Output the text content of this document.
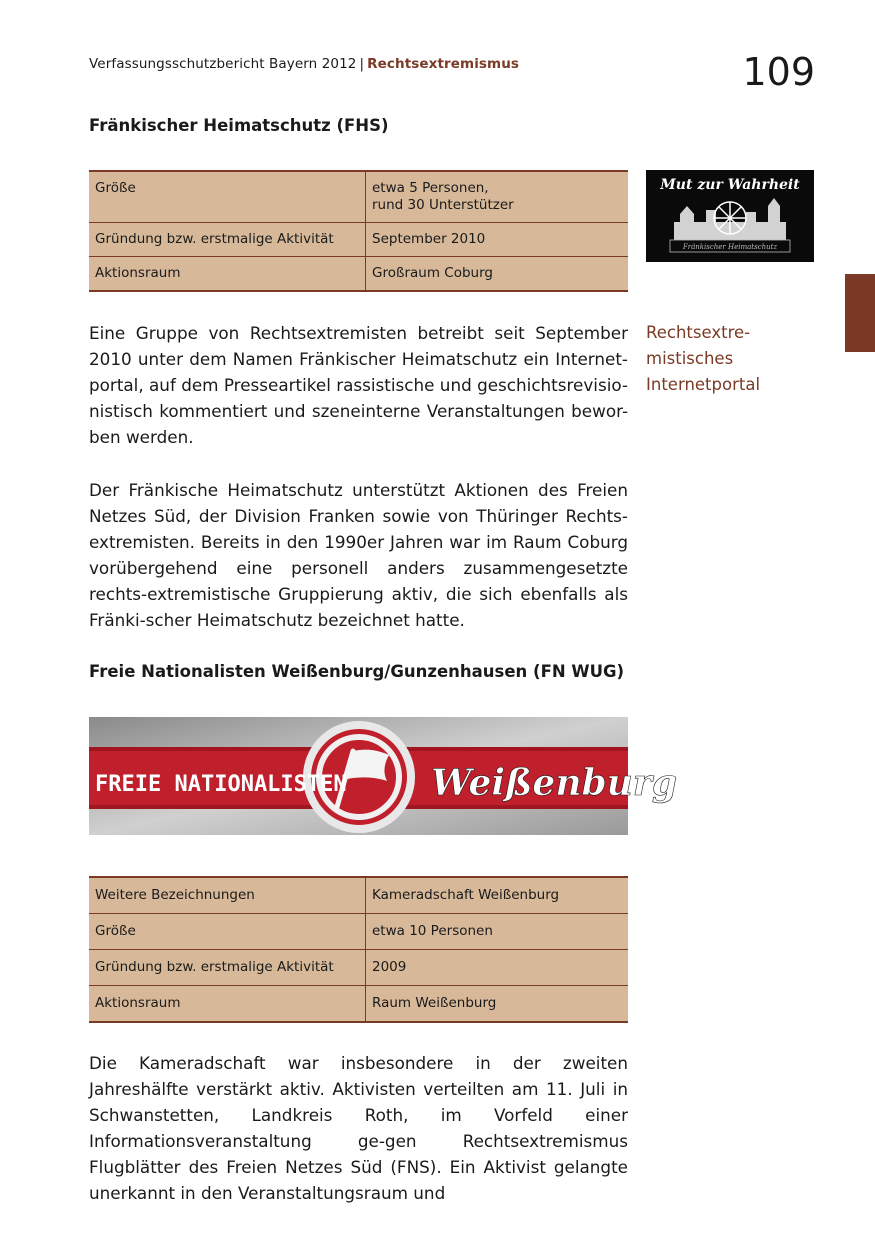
Verfassungsschutzbericht Bayern 2012 | Rechtsextremismus	109
Fränkischer Heimatschutz (FHS)
Größe	etwa 5 Personen,
rund 30 Unterstützer
Gründung bzw. erstmalige Aktivität	September 2010
Aktionsraum	Großraum Coburg
Mut zur Wahrheit
Fränkischer Heimatschutz
Rechtsextre-
mistisches
Internetportal

Eine Gruppe von Rechtsextremisten betreibt seit September 2010 unter dem Namen Fränkischer Heimatschutz ein Internet-portal, auf dem Presseartikel rassistische und geschichtsrevisio-nistisch kommentiert und szeneinterne Veranstaltungen bewor-ben werden.

Der Fränkische Heimatschutz unterstützt Aktionen des Freien Netzes Süd, der Division Franken sowie von Thüringer Rechts-extremisten. Bereits in den 1990er Jahren war im Raum Coburg vorübergehend eine personell anders zusammengesetzte rechts-extremistische Gruppierung aktiv, die sich ebenfalls als Fränki-scher Heimatschutz bezeichnet hatte.

Freie Nationalisten Weißenburg/Gunzenhausen (FN WUG)
FREIE NATIONALISTEN Weißenburg
Weitere Bezeichnungen	Kameradschaft Weißenburg
Größe	etwa 10 Personen
Gründung bzw. erstmalige Aktivität	2009
Aktionsraum	Raum Weißenburg

Die Kameradschaft war insbesondere in der zweiten Jahreshälfte verstärkt aktiv. Aktivisten verteilten am 11. Juli in Schwanstetten, Landkreis Roth, im Vorfeld einer Informationsveranstaltung ge-gen Rechtsextremismus Flugblätter des Freien Netzes Süd (FNS). Ein Aktivist gelangte unerkannt in den Veranstaltungsraum und
